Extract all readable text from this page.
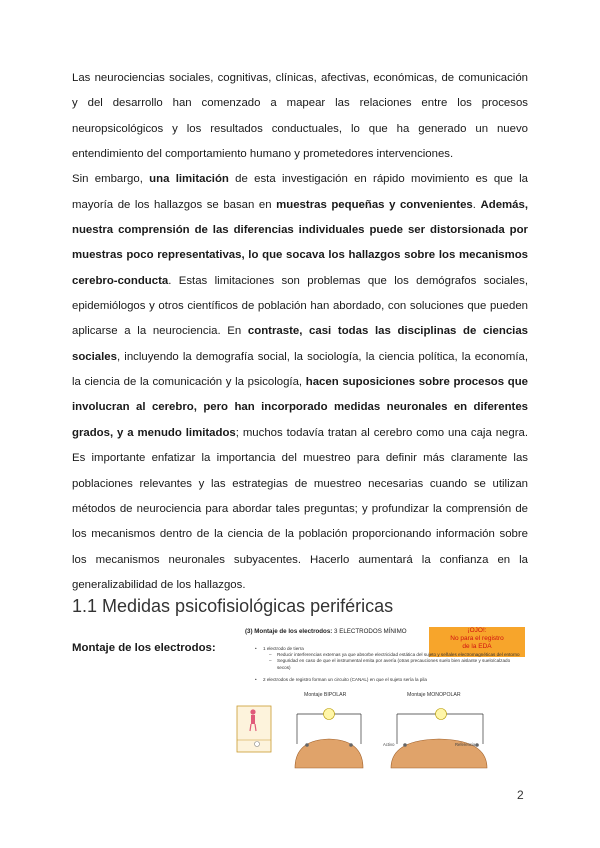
Las neurociencias sociales, cognitivas, clínicas, afectivas, económicas, de comunicación y del desarrollo han comenzado a mapear las relaciones entre los procesos neuropsicológicos y los resultados conductuales, lo que ha generado un nuevo entendimiento del comportamiento humano y prometedores intervenciones.

Sin embargo, una limitación de esta investigación en rápido movimiento es que la mayoría de los hallazgos se basan en muestras pequeñas y convenientes. Además, nuestra comprensión de las diferencias individuales puede ser distorsionada por muestras poco representativas, lo que socava los hallazgos sobre los mecanismos cerebro-conducta. Estas limitaciones son problemas que los demógrafos sociales, epidemiólogos y otros científicos de población han abordado, con soluciones que pueden aplicarse a la neurociencia. En contraste, casi todas las disciplinas de ciencias sociales, incluyendo la demografía social, la sociología, la ciencia política, la economía, la ciencia de la comunicación y la psicología, hacen suposiciones sobre procesos que involucran al cerebro, pero han incorporado medidas neuronales en diferentes grados, y a menudo limitados; muchos todavía tratan al cerebro como una caja negra. Es importante enfatizar la importancia del muestreo para definir más claramente las poblaciones relevantes y las estrategias de muestreo necesarias cuando se utilizan métodos de neurociencia para abordar tales preguntas; y profundizar la comprensión de los mecanismos dentro de la ciencia de la población proporcionando información sobre los mecanismos neuronales subyacentes. Hacerlo aumentará la confianza en la generalizabilidad de los hallazgos.

1.1 Medidas psicofisiológicas periféricas

Montaje de los electrodos:

(3) Montaje de los electrodos: 3 ELECTRODOS MÍNIMO	¡OJO!:
No para el registro
de la EDA

• 1 electrodo de tierra

– Reducir interferencias externas ya que absorbe electricidad estática del sujeto y señales electromagnéticas del entorno

– Seguridad en caso de que el instrumental emita por avería (otras precauciones suelo bien aislante y suelo/calzado secos)

• 2 electrodos de registro forman un circuito (CANAL) en que el sujeto sería la pila

Montaje BIPOLAR	Montaje MONOPOLAR
Activo	Referencia
2
